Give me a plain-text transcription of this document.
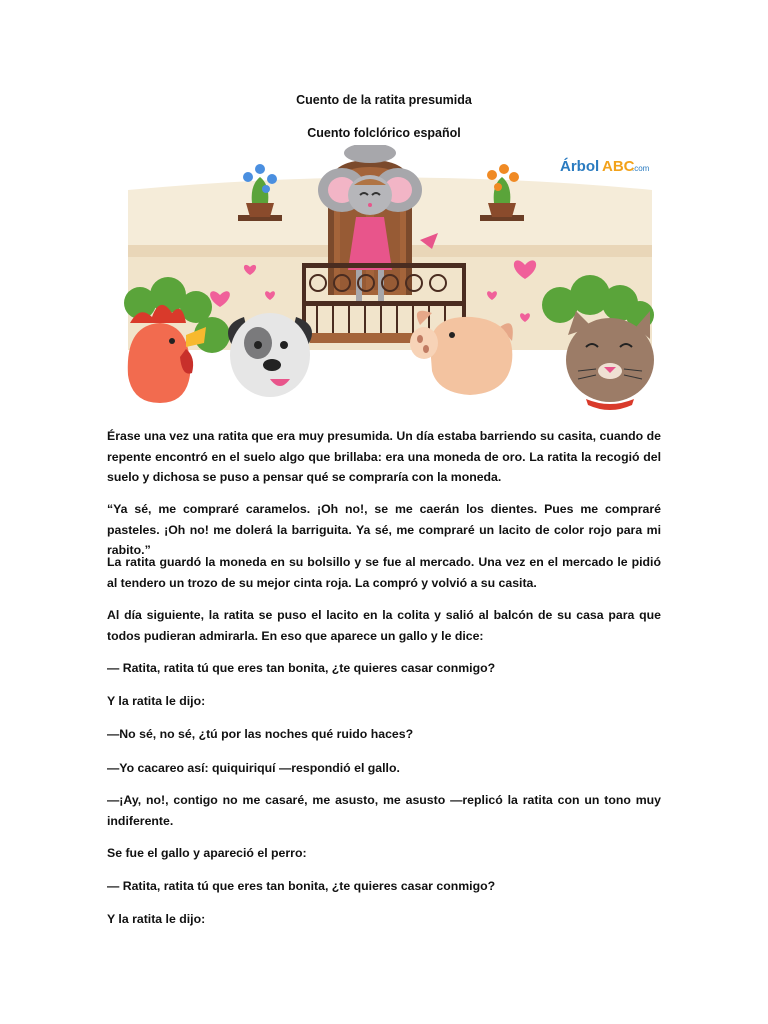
Cuento de la ratita presumida
Cuento folclórico español
Árbol ABC
.com
Érase una vez una ratita que era muy presumida. Un día estaba barriendo su casita, cuando de repente encontró en el suelo algo que brillaba: era una moneda de oro. La ratita la recogió del suelo y dichosa se puso a pensar qué se compraría con la moneda.
“Ya sé, me compraré caramelos. ¡Oh no!, se me caerán los dientes. Pues me compraré pasteles. ¡Oh no! me dolerá la barriguita. Ya sé, me compraré un lacito de color rojo para mi rabito.”
La ratita guardó la moneda en su bolsillo y se fue al mercado. Una vez en el mercado le pidió al tendero un trozo de su mejor cinta roja. La compró y volvió a su casita.
Al día siguiente, la ratita se puso el lacito en la colita y salió al balcón de su casa para que todos pudieran admirarla. En eso que aparece un gallo y le dice:
— Ratita, ratita tú que eres tan bonita, ¿te quieres casar conmigo?
Y la ratita le dijo:
—No sé, no sé, ¿tú por las noches qué ruido haces?
—Yo cacareo así: quiquiriquí —respondió el gallo.
—¡Ay, no!, contigo no me casaré, me asusto, me asusto —replicó la ratita con un tono muy indiferente.
Se fue el gallo y apareció el perro:
— Ratita, ratita tú que eres tan bonita, ¿te quieres casar conmigo?
Y la ratita le dijo:
